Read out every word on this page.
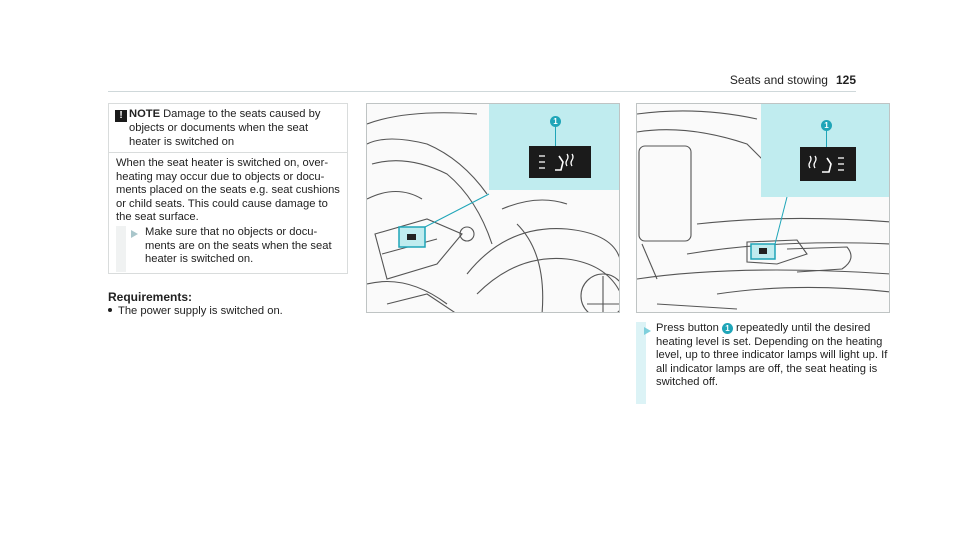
Seats and stowing 125
! NOTE Damage to the seats caused by objects or documents when the seat heater is switched on
When the seat heater is switched on, over-heating may occur due to objects or docu-ments placed on the seats e.g. seat cushions or child seats. This could cause damage to the seat surface.
Make sure that no objects or docu-ments are on the seats when the seat heater is switched on.
Requirements:
The power supply is switched on.
1	1
Press button 1 repeatedly until the desired heating level is set. Depending on the heating level, up to three indicator lamps will light up. If all indicator lamps are off, the seat heating is switched off.
